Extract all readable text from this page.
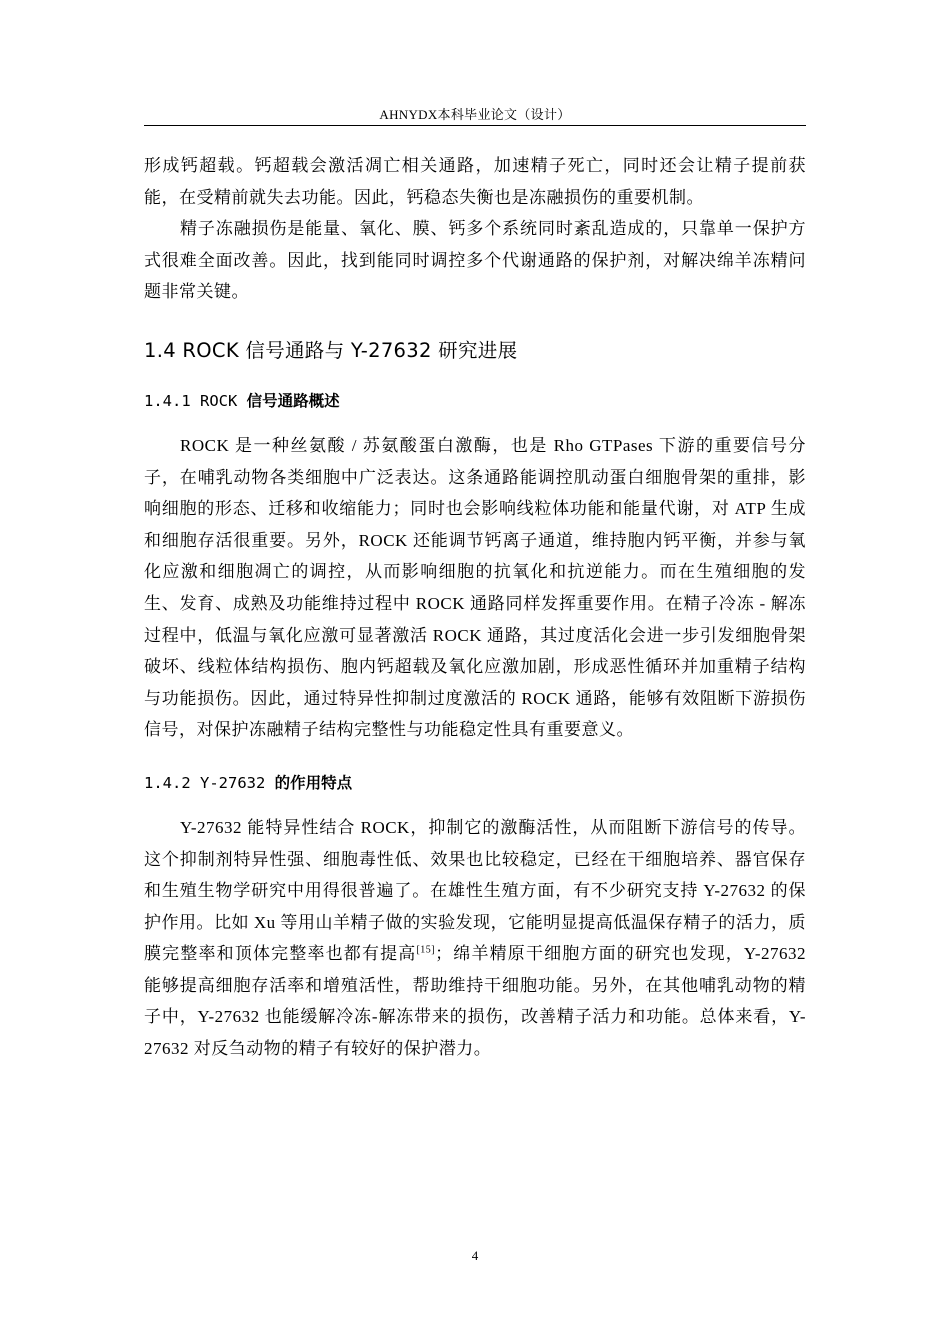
AHNYDX本科毕业论文（设计）

形成钙超载。钙超载会激活凋亡相关通路，加速精子死亡，同时还会让精子提前获能，在受精前就失去功能。因此，钙稳态失衡也是冻融损伤的重要机制。

精子冻融损伤是能量、氧化、膜、钙多个系统同时紊乱造成的，只靠单一保护方式很难全面改善。因此，找到能同时调控多个代谢通路的保护剂，对解决绵羊冻精问题非常关键。

1.4 ROCK 信号通路与 Y-27632 研究进展
1.4.1 ROCK 信号通路概述

ROCK 是一种丝氨酸 / 苏氨酸蛋白激酶，也是 Rho GTPases 下游的重要信号分子，在哺乳动物各类细胞中广泛表达。这条通路能调控肌动蛋白细胞骨架的重排，影响细胞的形态、迁移和收缩能力；同时也会影响线粒体功能和能量代谢，对 ATP 生成和细胞存活很重要。另外，ROCK 还能调节钙离子通道，维持胞内钙平衡，并参与氧化应激和细胞凋亡的调控，从而影响细胞的抗氧化和抗逆能力。而在生殖细胞的发生、发育、成熟及功能维持过程中 ROCK 通路同样发挥重要作用。在精子冷冻 - 解冻过程中，低温与氧化应激可显著激活 ROCK 通路，其过度活化会进一步引发细胞骨架破坏、线粒体结构损伤、胞内钙超载及氧化应激加剧，形成恶性循环并加重精子结构与功能损伤。因此，通过特异性抑制过度激活的 ROCK 通路，能够有效阻断下游损伤信号，对保护冻融精子结构完整性与功能稳定性具有重要意义。

1.4.2 Y-27632 的作用特点

Y-27632 能特异性结合 ROCK，抑制它的激酶活性，从而阻断下游信号的传导。这个抑制剂特异性强、细胞毒性低、效果也比较稳定，已经在干细胞培养、器官保存和生殖生物学研究中用得很普遍了。在雄性生殖方面，有不少研究支持 Y-27632 的保护作用。比如 Xu 等用山羊精子做的实验发现，它能明显提高低温保存精子的活力，质膜完整率和顶体完整率也都有提高[15]；绵羊精原干细胞方面的研究也发现，Y-27632 能够提高细胞存活率和增殖活性，帮助维持干细胞功能。另外，在其他哺乳动物的精子中，Y-27632 也能缓解冷冻-解冻带来的损伤，改善精子活力和功能。总体来看，Y-27632 对反刍动物的精子有较好的保护潜力。

4
